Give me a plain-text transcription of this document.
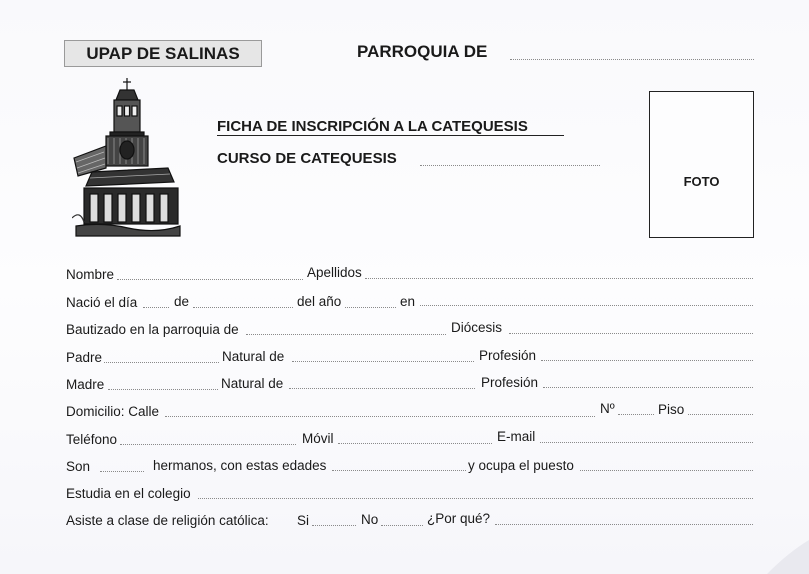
UPAP DE SALINAS	PARROQUIA DE
FICHA DE INSCRIPCIÓN A LA CATEQUESIS
CURSO DE CATEQUESIS
FOTO
Nombre	Apellidos
Nació el día	de	del año	en
Bautizado en la parroquia de	Diócesis
Padre	Natural de	Profesión
Madre	Natural de	Profesión
Domicilio: Calle	Nº	Piso
Teléfono	Móvil	E-mail
Son	hermanos, con estas edades	y ocupa el puesto
Estudia en el colegio
Asiste a clase de religión católica: Si	No	¿Por qué?
